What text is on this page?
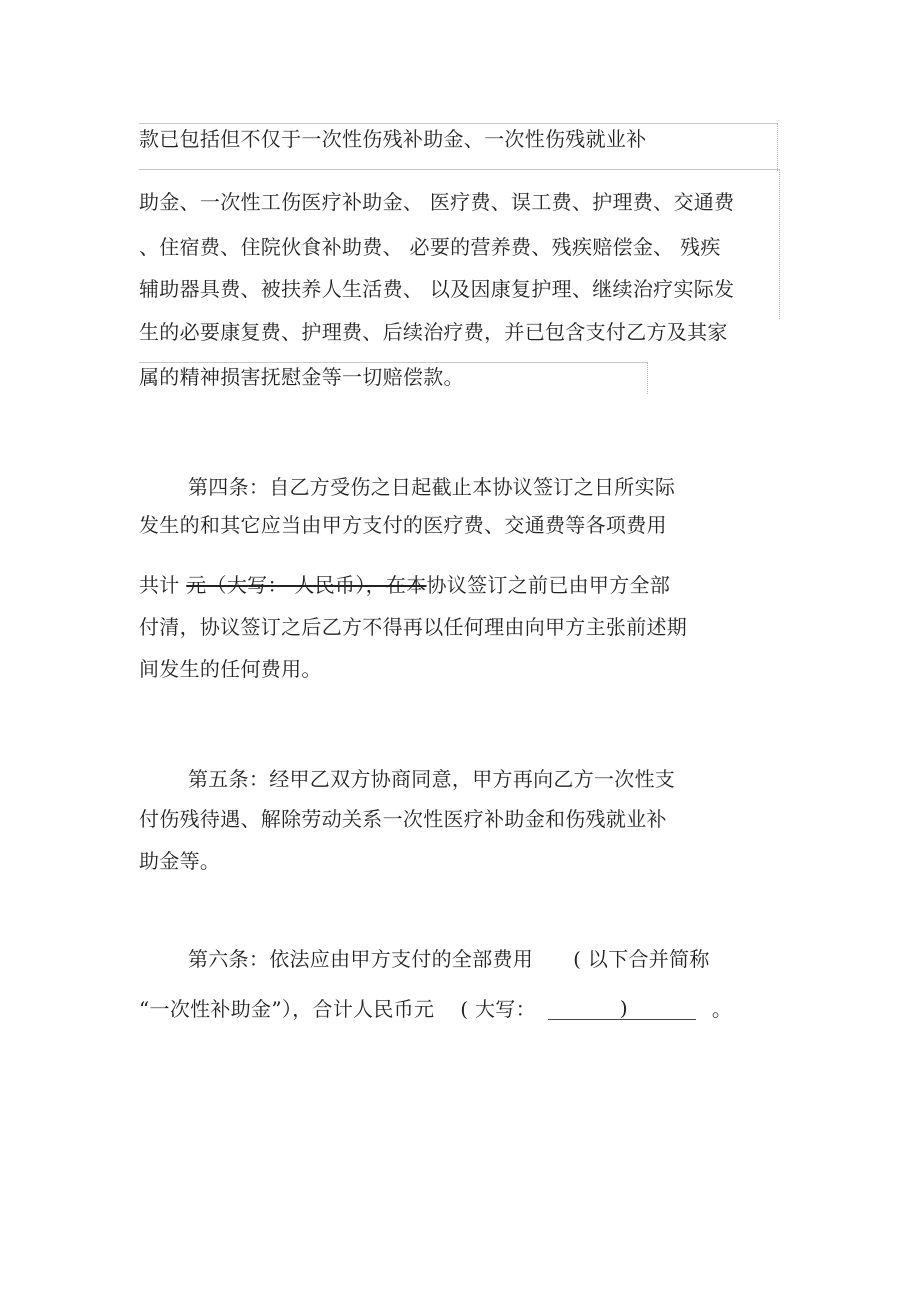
款已包括但不仅于一次性伤残补助金、一次性伤残就业补
助金、一次性工伤医疗补助金、 医疗费、误工费、护理费、交通费
、住宿费、住院伙食补助费、 必要的营养费、残疾赔偿金、 残疾
辅助器具费、被扶养人生活费、 以及因康复护理、继续治疗实际发
生的必要康复费、护理费、后续治疗费，并已包含支付乙方及其家
属的精神损害抚慰金等一切赔偿款。
第四条：自乙方受伤之日起截止本协议签订之日所实际
发生的和其它应当由甲方支付的医疗费、交通费等各项费用
共计 元（大写： 人民币），在本协议签订之前已由甲方全部
付清，协议签订之后乙方不得再以任何理由向甲方主张前述期
间发生的任何费用。
第五条：经甲乙双方协商同意，甲方再向乙方一次性支
付伤残待遇、解除劳动关系一次性医疗补助金和伤残就业补
助金等。
第六条：依法应由甲方支付的全部费用 ( 以下合并简称
“一次性补助金”），合计人民币元 ( 大写：	)	。
